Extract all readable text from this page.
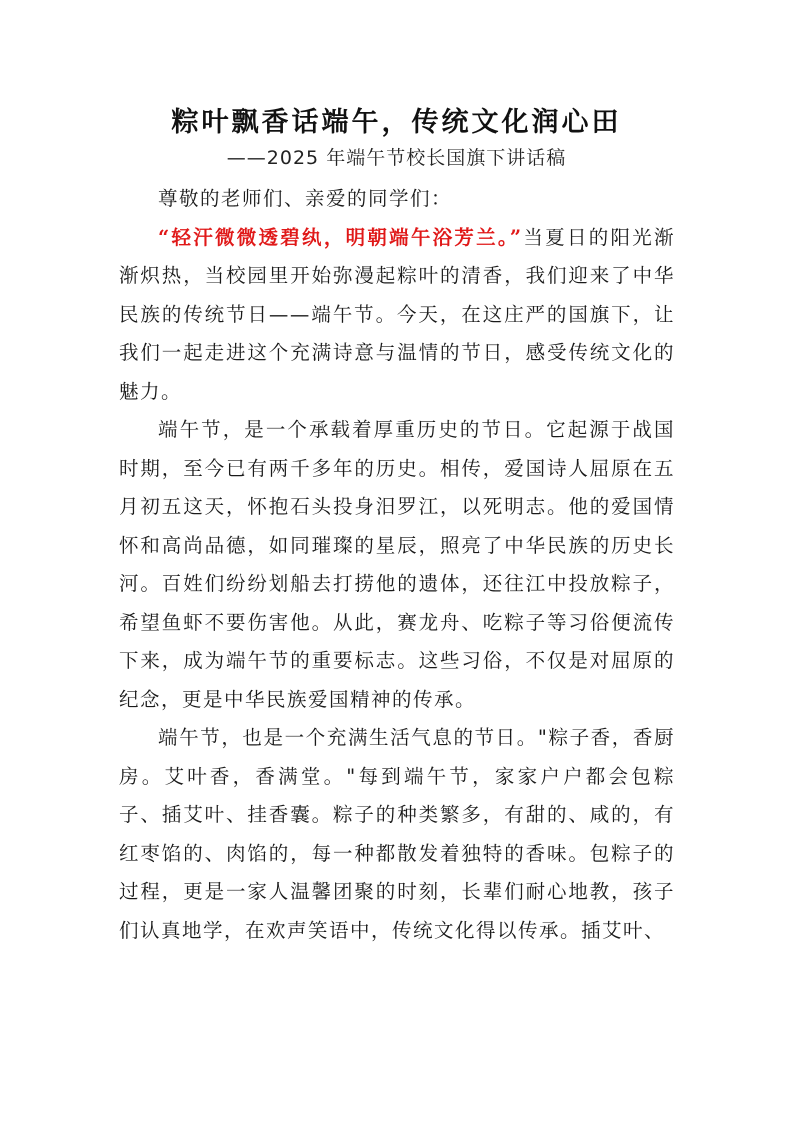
粽叶飘香话端午，传统文化润心田
——2025 年端午节校长国旗下讲话稿

尊敬的老师们、亲爱的同学们：

“轻汗微微透碧纨，明朝端午浴芳兰。”当夏日的阳光渐渐炽热，当校园里开始弥漫起粽叶的清香，我们迎来了中华民族的传统节日——端午节。今天，在这庄严的国旗下，让我们一起走进这个充满诗意与温情的节日，感受传统文化的魅力。

端午节，是一个承载着厚重历史的节日。它起源于战国时期，至今已有两千多年的历史。相传，爱国诗人屈原在五月初五这天，怀抱石头投身汨罗江，以死明志。他的爱国情怀和高尚品德，如同璀璨的星辰，照亮了中华民族的历史长河。百姓们纷纷划船去打捞他的遗体，还往江中投放粽子，希望鱼虾不要伤害他。从此，赛龙舟、吃粽子等习俗便流传下来，成为端午节的重要标志。这些习俗，不仅是对屈原的纪念，更是中华民族爱国精神的传承。

端午节，也是一个充满生活气息的节日。"粽子香，香厨房。艾叶香，香满堂。"每到端午节，家家户户都会包粽子、插艾叶、挂香囊。粽子的种类繁多，有甜的、咸的，有红枣馅的、肉馅的，每一种都散发着独特的香味。包粽子的过程，更是一家人温馨团聚的时刻，长辈们耐心地教，孩子们认真地学，在欢声笑语中，传统文化得以传承。插艾叶、
